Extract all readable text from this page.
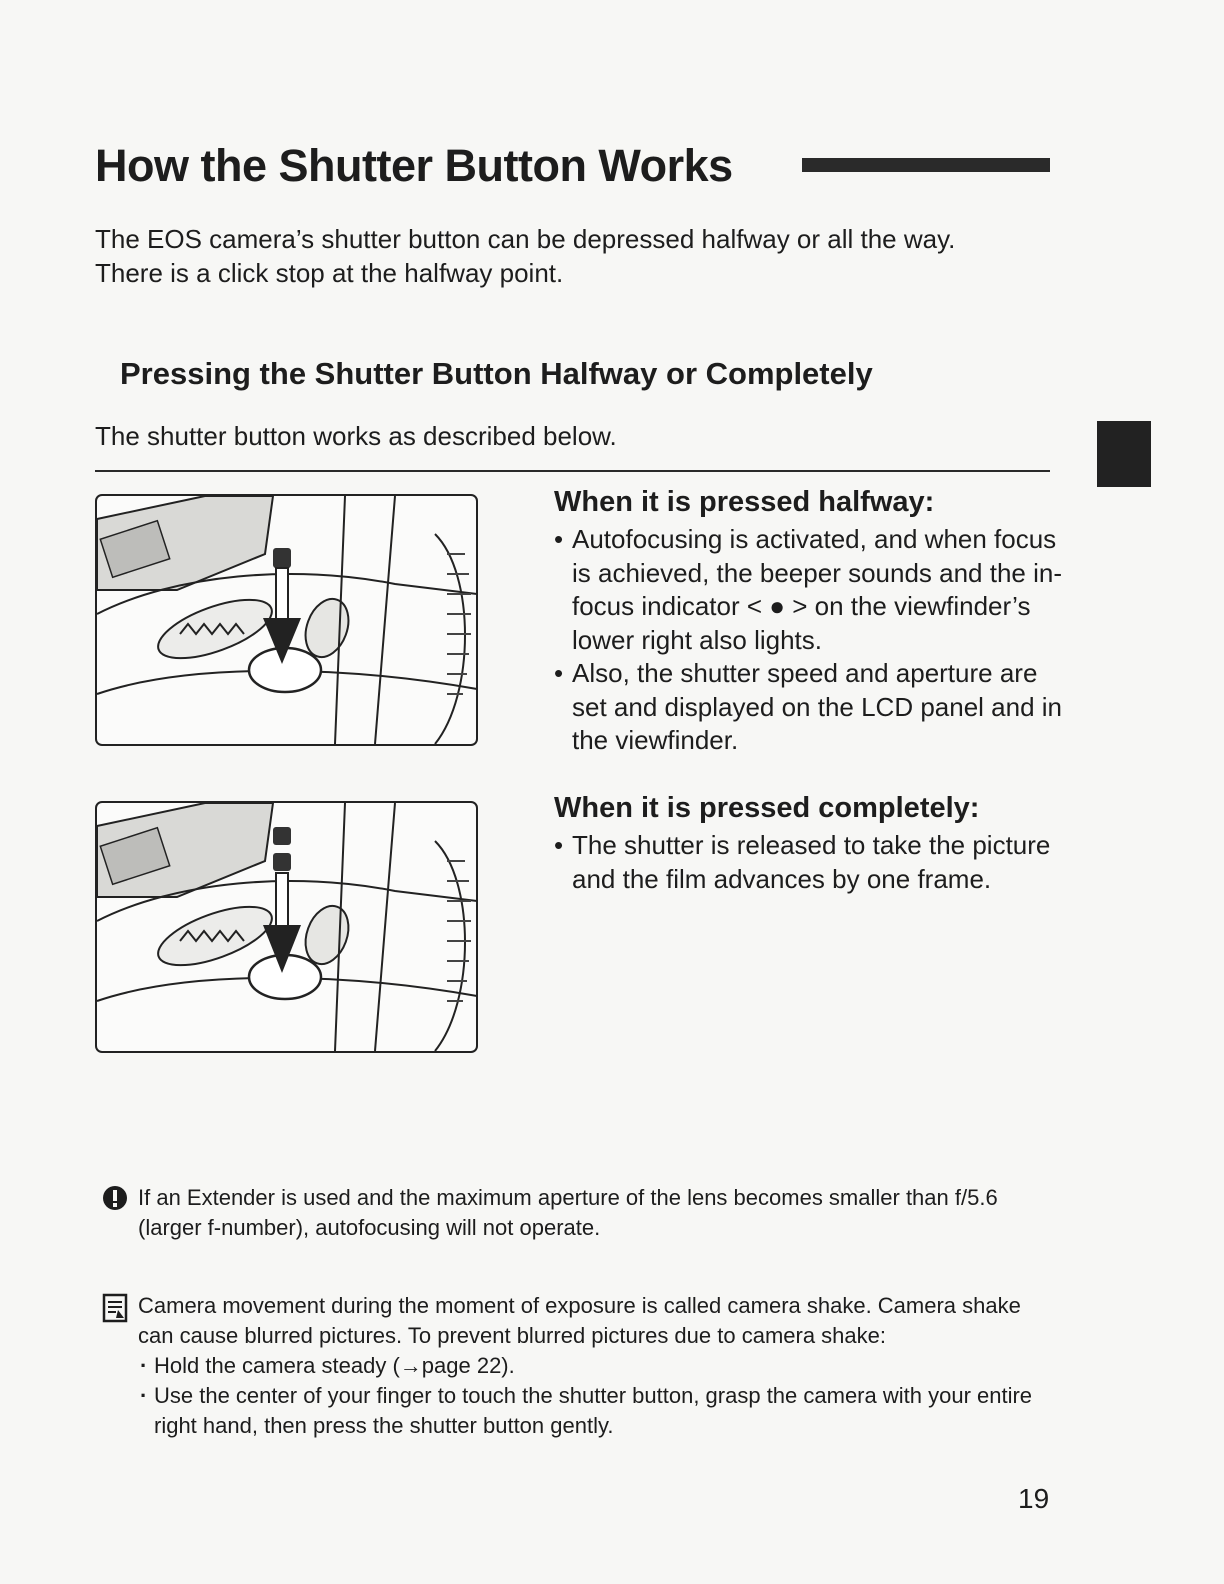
How the Shutter Button Works

The EOS camera’s shutter button can be depressed halfway or all the way.

There is a click stop at the halfway point.

Pressing the Shutter Button Halfway or Completely

The shutter button works as described below.

When it is pressed halfway:
• Autofocusing is activated, and when focus is achieved, the beeper sounds and the in-focus indicator < ● > on the viewfinder’s lower right also lights.
• Also, the shutter speed and aperture are set and displayed on the LCD panel and in the viewfinder.
When it is pressed completely:
• The shutter is released to take the picture and the film advances by one frame.

If an Extender is used and the maximum aperture of the lens becomes smaller than f/5.6 (larger f-number), autofocusing will not operate.

Camera movement during the moment of exposure is called camera shake. Camera shake can cause blurred pictures. To prevent blurred pictures due to camera shake:

· Hold the camera steady (→page 22).
· Use the center of your finger to touch the shutter button, grasp the camera with your entire right hand, then press the shutter button gently.

19
